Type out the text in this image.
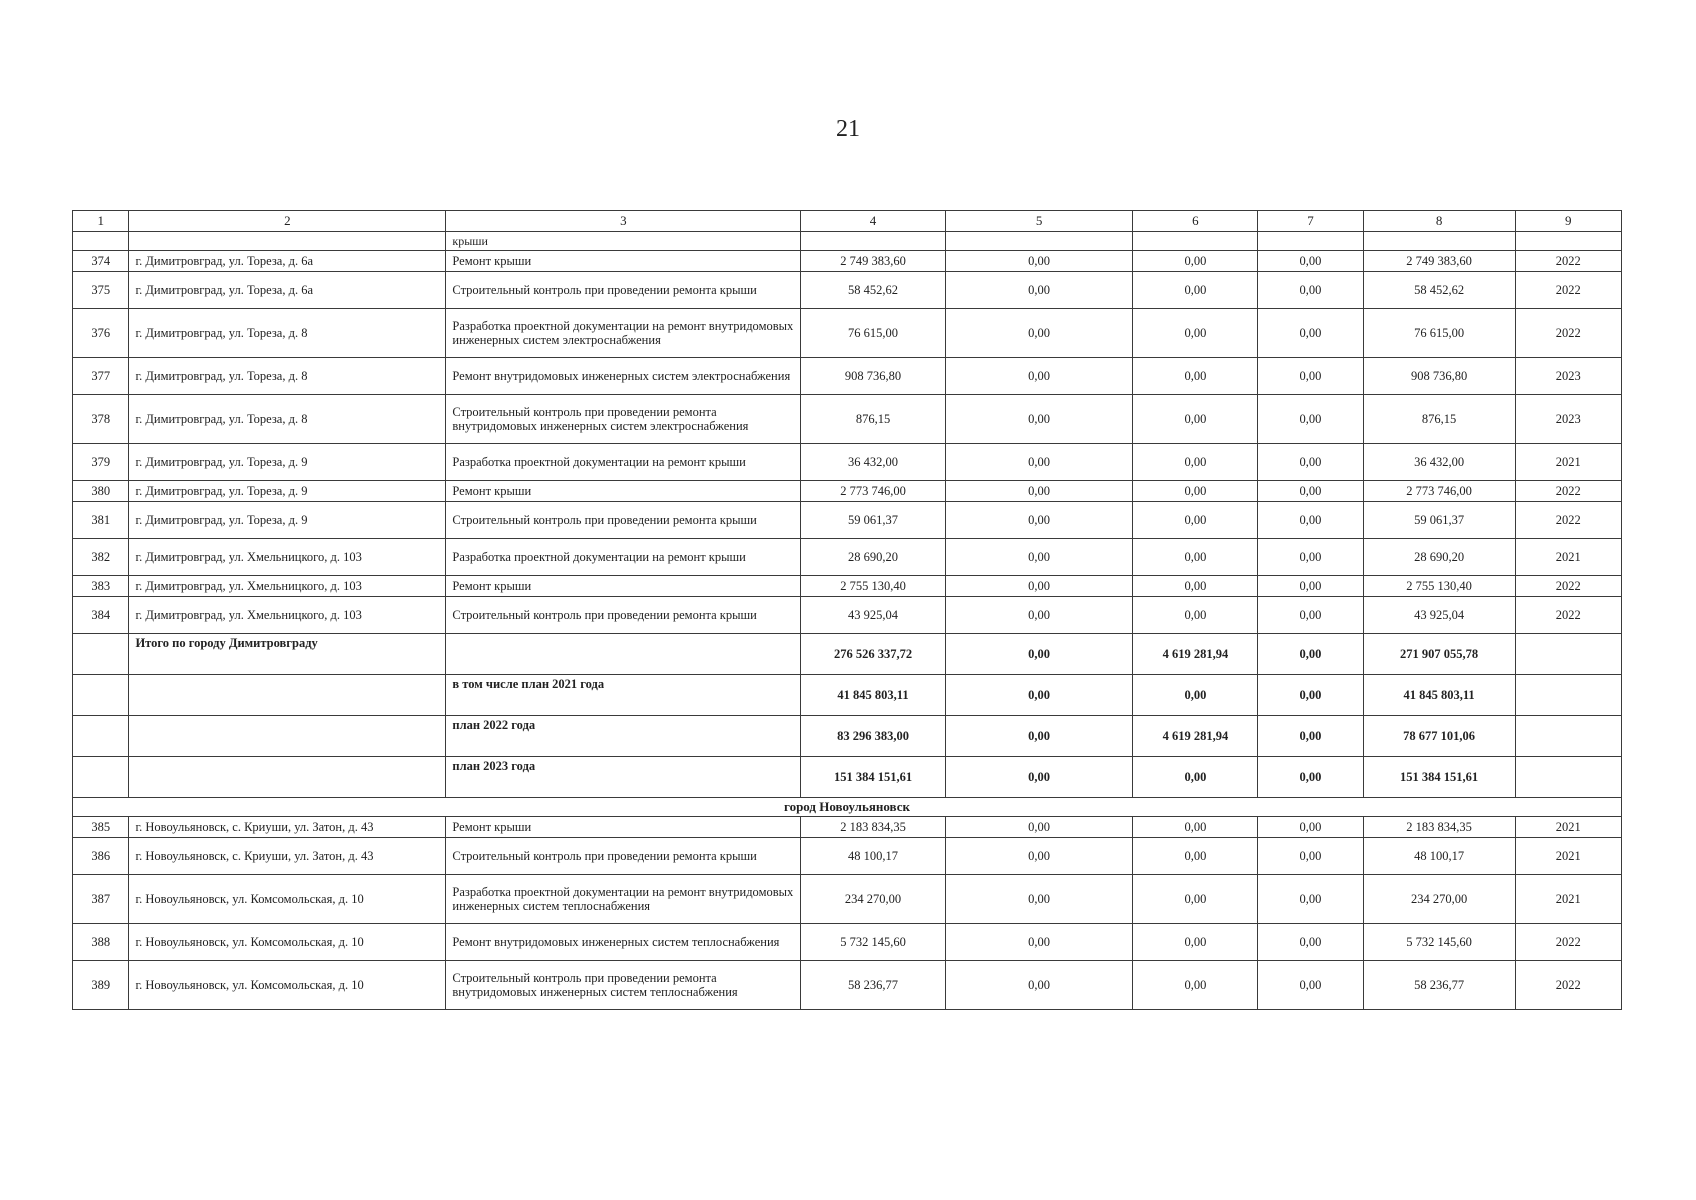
21
1	2	3	4	5	6	7	8	9
		крыши						
374	г. Димитровград, ул. Тореза, д. 6а	Ремонт крыши	2 749 383,60	0,00	0,00	0,00	2 749 383,60	2022
375	г. Димитровград, ул. Тореза, д. 6а	Строительный контроль при проведении ремонта крыши	58 452,62	0,00	0,00	0,00	58 452,62	2022
376	г. Димитровград, ул. Тореза, д. 8	Разработка проектной документации на ремонт внутридомовых инженерных систем электроснабжения	76 615,00	0,00	0,00	0,00	76 615,00	2022
377	г. Димитровград, ул. Тореза, д. 8	Ремонт внутридомовых инженерных систем электроснабжения	908 736,80	0,00	0,00	0,00	908 736,80	2023
378	г. Димитровград, ул. Тореза, д. 8	Строительный контроль при проведении ремонта внутридомовых инженерных систем электроснабжения	876,15	0,00	0,00	0,00	876,15	2023
379	г. Димитровград, ул. Тореза, д. 9	Разработка проектной документации на ремонт крыши	36 432,00	0,00	0,00	0,00	36 432,00	2021
380	г. Димитровград, ул. Тореза, д. 9	Ремонт крыши	2 773 746,00	0,00	0,00	0,00	2 773 746,00	2022
381	г. Димитровград, ул. Тореза, д. 9	Строительный контроль при проведении ремонта крыши	59 061,37	0,00	0,00	0,00	59 061,37	2022
382	г. Димитровград, ул. Хмельницкого, д. 103	Разработка проектной документации на ремонт крыши	28 690,20	0,00	0,00	0,00	28 690,20	2021
383	г. Димитровград, ул. Хмельницкого, д. 103	Ремонт крыши	2 755 130,40	0,00	0,00	0,00	2 755 130,40	2022
384	г. Димитровград, ул. Хмельницкого, д. 103	Строительный контроль при проведении ремонта крыши	43 925,04	0,00	0,00	0,00	43 925,04	2022
	Итого по городу Димитровграду		276 526 337,72	0,00	4 619 281,94	0,00	271 907 055,78	
		в том числе план 2021 года	41 845 803,11	0,00	0,00	0,00	41 845 803,11	
		план 2022 года	83 296 383,00	0,00	4 619 281,94	0,00	78 677 101,06	
		план 2023 года	151 384 151,61	0,00	0,00	0,00	151 384 151,61	
город Новоульяновск								
385	г. Новоульяновск, с. Криуши, ул. Затон, д. 43	Ремонт крыши	2 183 834,35	0,00	0,00	0,00	2 183 834,35	2021
386	г. Новоульяновск, с. Криуши, ул. Затон, д. 43	Строительный контроль при проведении ремонта крыши	48 100,17	0,00	0,00	0,00	48 100,17	2021
387	г. Новоульяновск, ул. Комсомольская, д. 10	Разработка проектной документации на ремонт внутридомовых инженерных систем теплоснабжения	234 270,00	0,00	0,00	0,00	234 270,00	2021
388	г. Новоульяновск, ул. Комсомольская, д. 10	Ремонт внутридомовых инженерных систем теплоснабжения	5 732 145,60	0,00	0,00	0,00	5 732 145,60	2022
389	г. Новоульяновск, ул. Комсомольская, д. 10	Строительный контроль при проведении ремонта внутридомовых инженерных систем теплоснабжения	58 236,77	0,00	0,00	0,00	58 236,77	2022
